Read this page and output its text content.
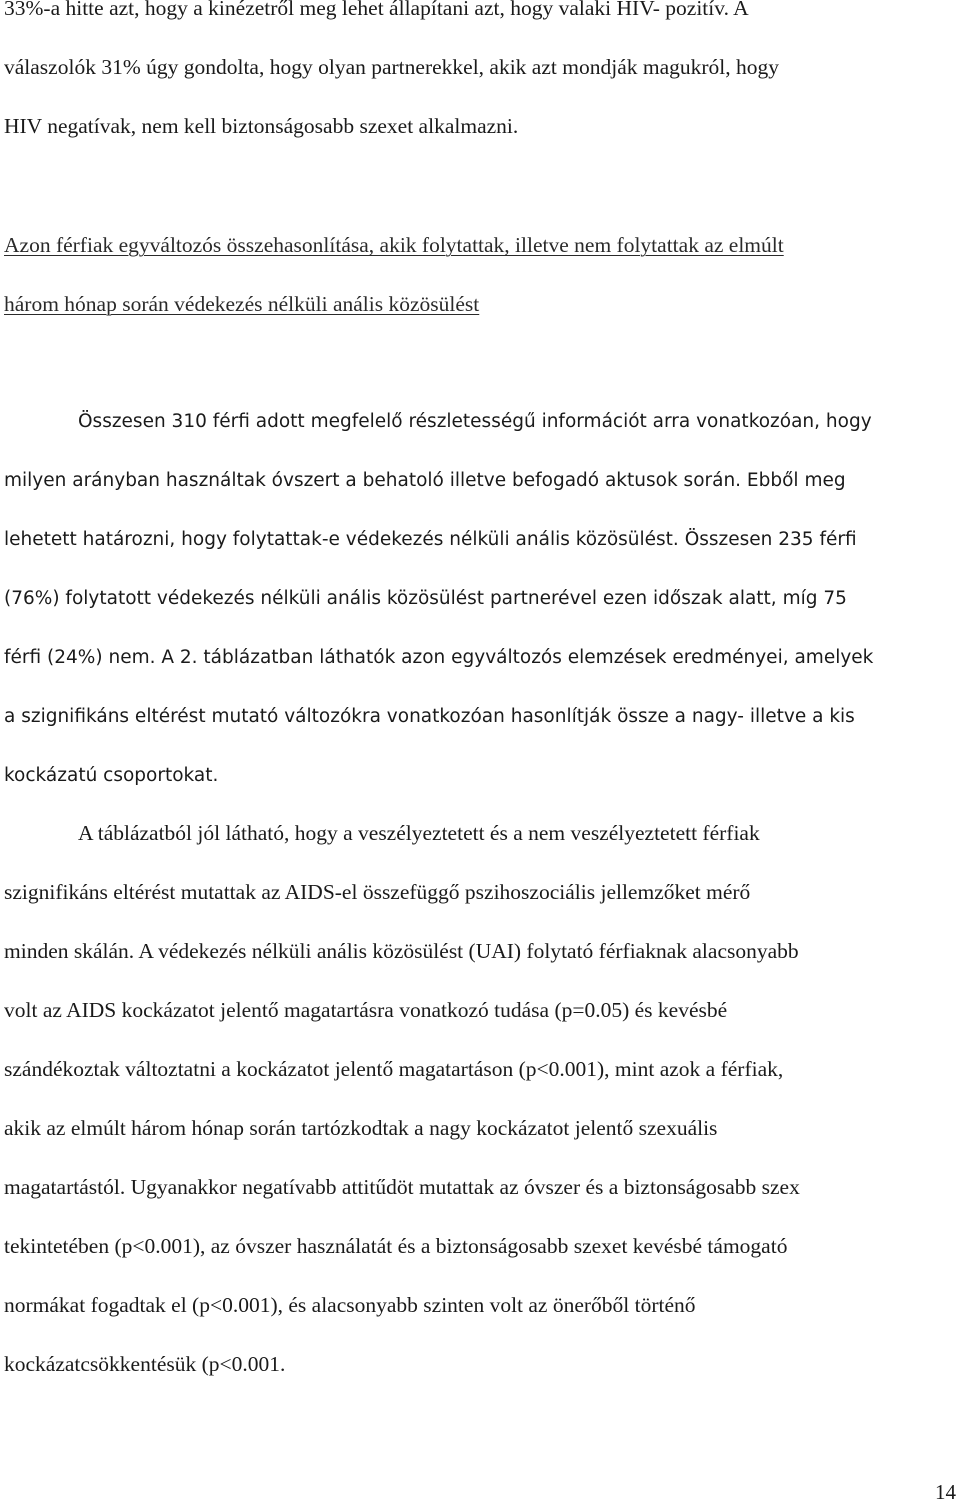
33%-a hitte azt, hogy a kinézetről meg lehet állapítani azt, hogy valaki HIV- pozitív. A
válaszolók 31% úgy gondolta, hogy olyan partnerekkel, akik azt mondják magukról, hogy
HIV negatívak, nem kell biztonságosabb szexet alkalmazni.
Azon férfiak egyváltozós összehasonlítása, akik folytattak, illetve nem folytattak az elmúlt
három hónap során védekezés nélküli anális közösülést
Összesen 310 férfi adott megfelelő részletességű információt arra vonatkozóan, hogy
milyen arányban használtak óvszert a behatoló illetve befogadó aktusok során. Ebből meg
lehetett határozni, hogy folytattak-e védekezés nélküli anális közösülést. Összesen 235 férfi
(76%) folytatott védekezés nélküli anális közösülést partnerével ezen időszak alatt, míg 75
férfi (24%) nem. A 2. táblázatban láthatók azon egyváltozós elemzések eredményei, amelyek
a szignifikáns eltérést mutató változókra vonatkozóan hasonlítják össze a nagy- illetve a kis
kockázatú csoportokat.
A táblázatból jól látható, hogy a veszélyeztetett és a nem veszélyeztetett férfiak
szignifikáns eltérést mutattak az AIDS-el összefüggő pszihoszociális jellemzőket mérő
minden skálán. A védekezés nélküli anális közösülést (UAI) folytató férfiaknak alacsonyabb
volt az AIDS kockázatot jelentő magatartásra vonatkozó tudása (p=0.05) és kevésbé
szándékoztak változtatni a kockázatot jelentő magatartáson (p<0.001), mint azok a férfiak,
akik az elmúlt három hónap során tartózkodtak a nagy kockázatot jelentő szexuális
magatartástól. Ugyanakkor negatívabb attitűdöt mutattak az óvszer és a biztonságosabb szex
tekintetében (p<0.001), az óvszer használatát és a biztonságosabb szexet kevésbé támogató
normákat fogadtak el (p<0.001), és alacsonyabb szinten volt az önerőből történő
kockázatcsökkentésük (p<0.001.
14
